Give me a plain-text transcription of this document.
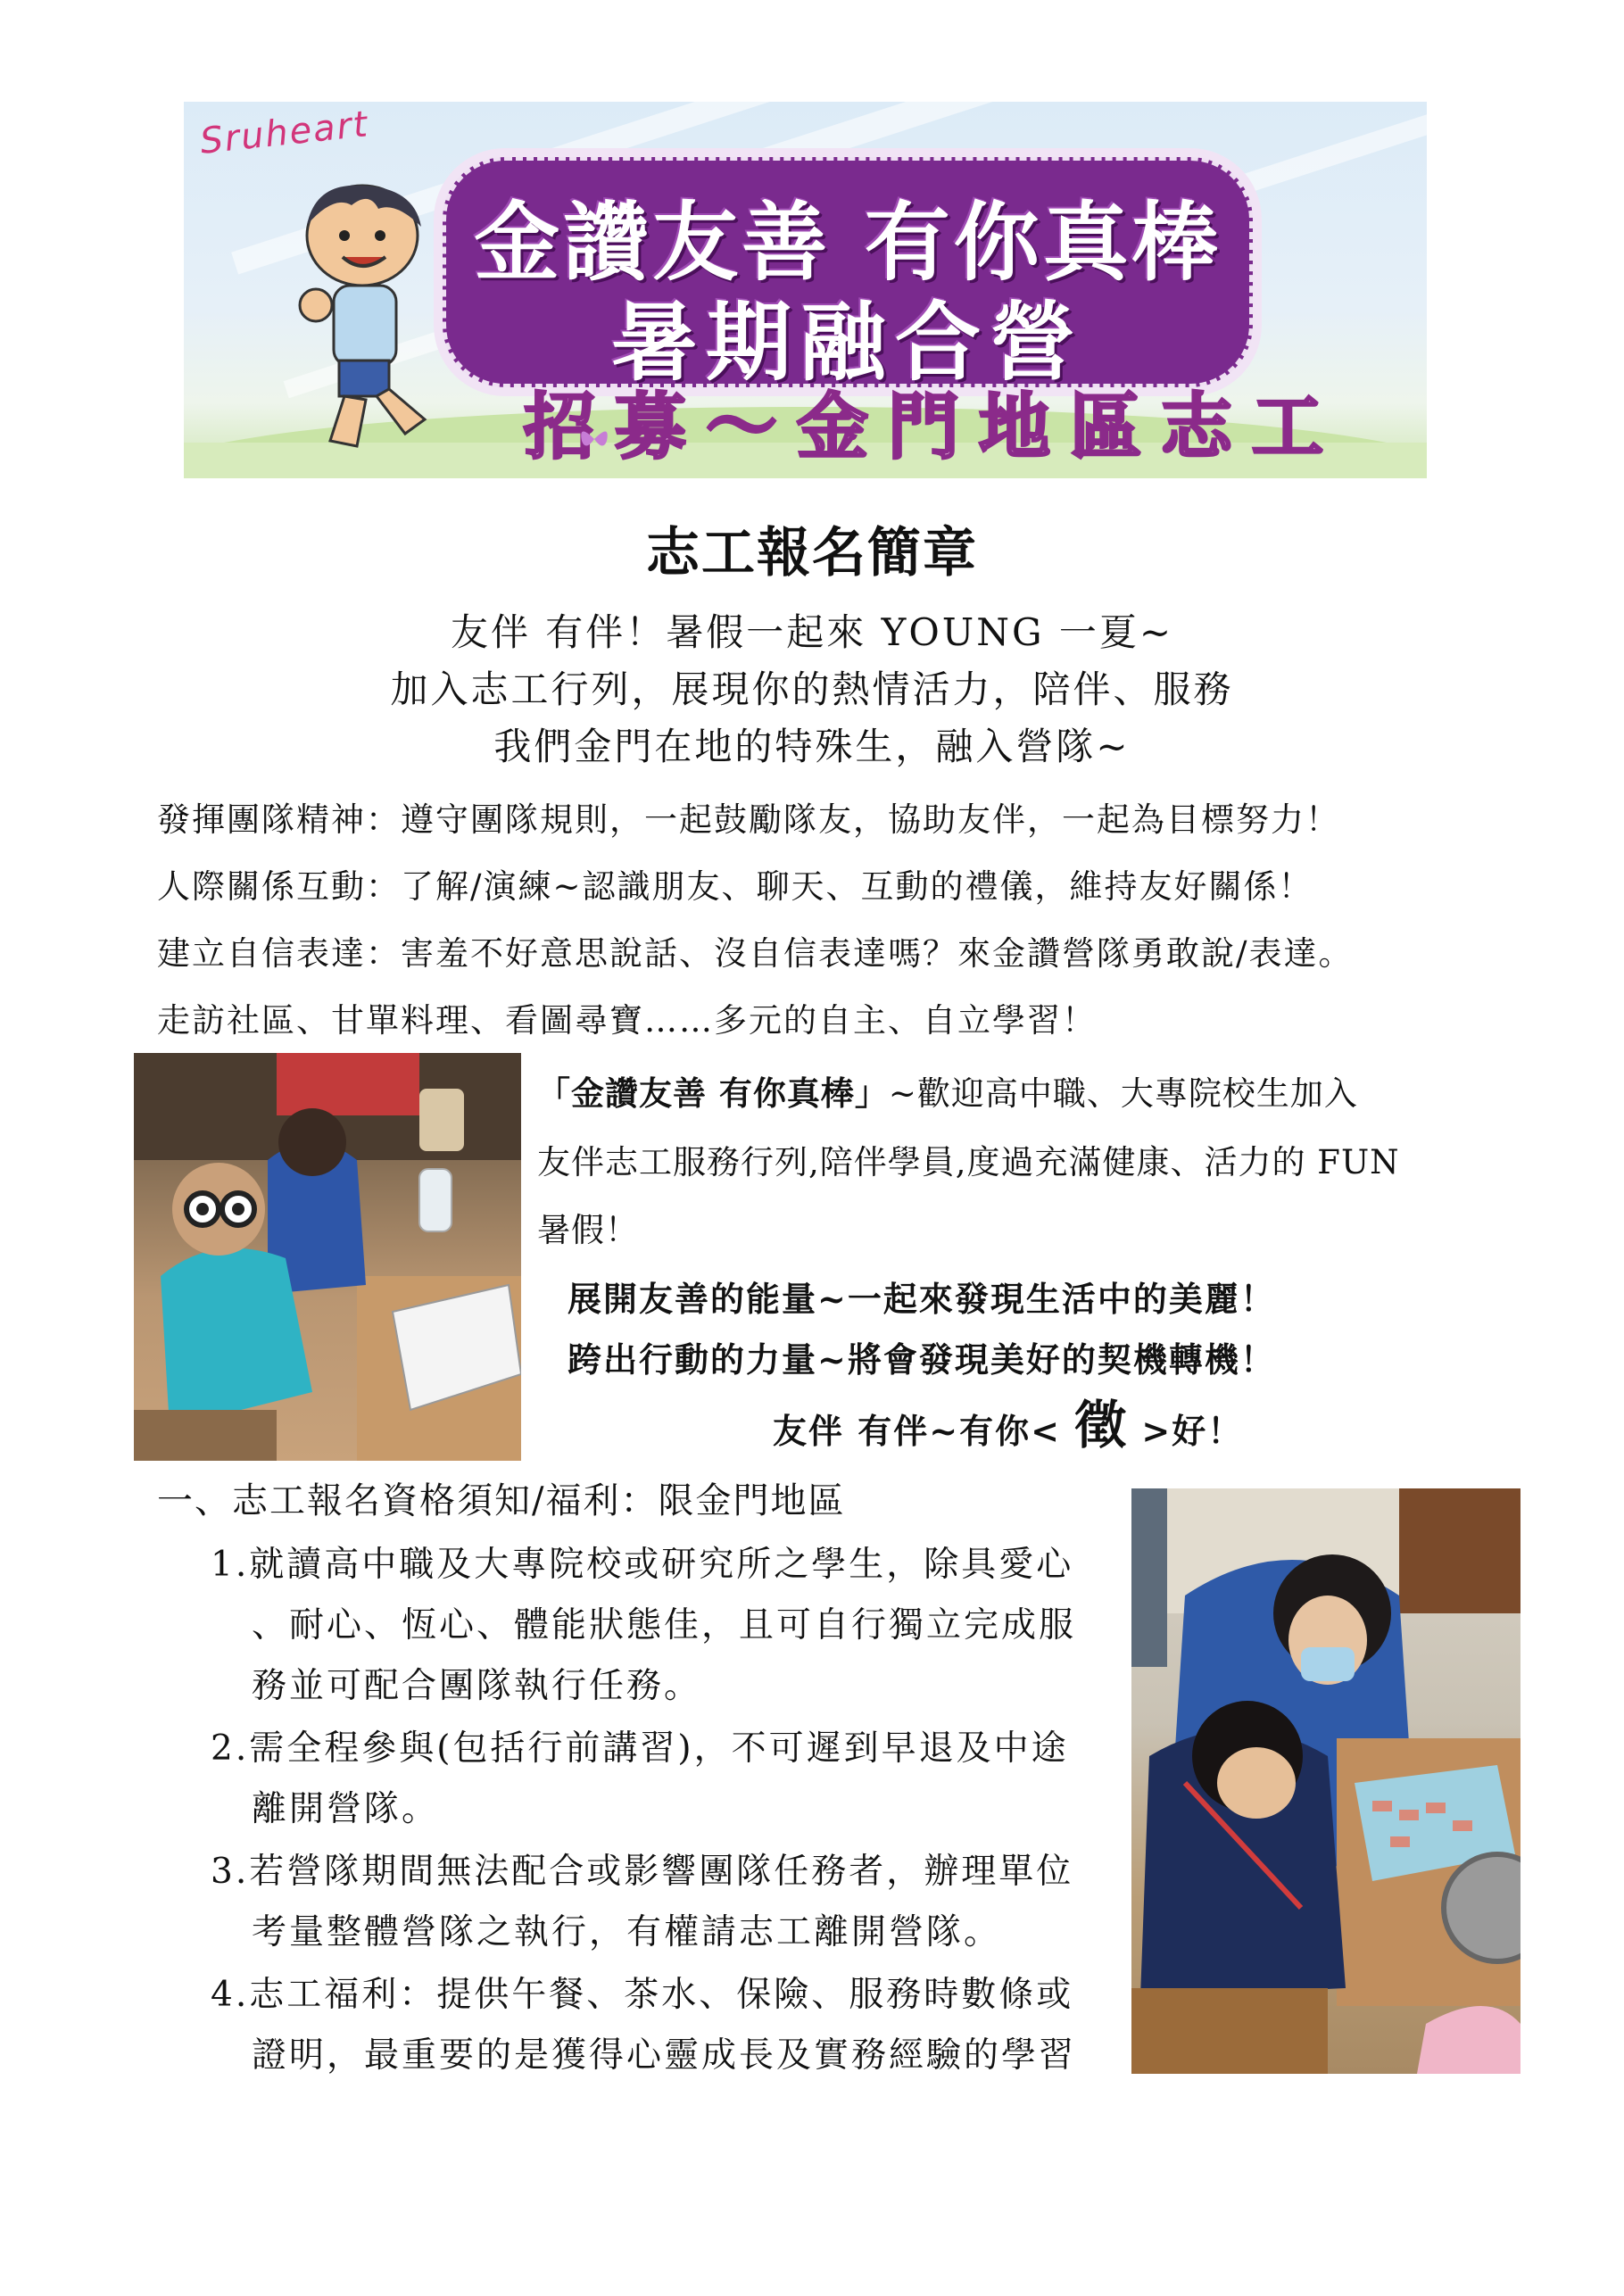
Sruheart
金讚友善 有你真棒
暑期融合營
招募～金門地區志工
志工報名簡章
友伴 有伴！暑假一起來 YOUNG 一夏~
加入志工行列，展現你的熱情活力，陪伴、服務
我們金門在地的特殊生，融入營隊~
發揮團隊精神：遵守團隊規則，一起鼓勵隊友，協助友伴，一起為目標努力！
人際關係互動：了解/演練~認識朋友、聊天、互動的禮儀，維持友好關係！
建立自信表達：害羞不好意思說話、沒自信表達嗎？來金讚營隊勇敢說/表達。
走訪社區、甘單料理、看圖尋寶……多元的自主、自立學習！
「金讚友善 有你真棒」~歡迎高中職、大專院校生加入
友伴志工服務行列,陪伴學員,度過充滿健康、活力的 FUN
暑假！
展開友善的能量~一起來發現生活中的美麗！
跨出行動的力量~將會發現美好的契機轉機！
友伴 有伴~有你< 徵 >好！
一、志工報名資格須知/福利：限金門地區
1.就讀高中職及大專院校或研究所之學生，除具愛心
、耐心、恆心、體能狀態佳，且可自行獨立完成服
務並可配合團隊執行任務。
2.需全程參與(包括行前講習)，不可遲到早退及中途
離開營隊。
3.若營隊期間無法配合或影響團隊任務者，辦理單位
考量整體營隊之執行，有權請志工離開營隊。
4.志工福利：提供午餐、茶水、保險、服務時數條或
證明，最重要的是獲得心靈成長及實務經驗的學習
